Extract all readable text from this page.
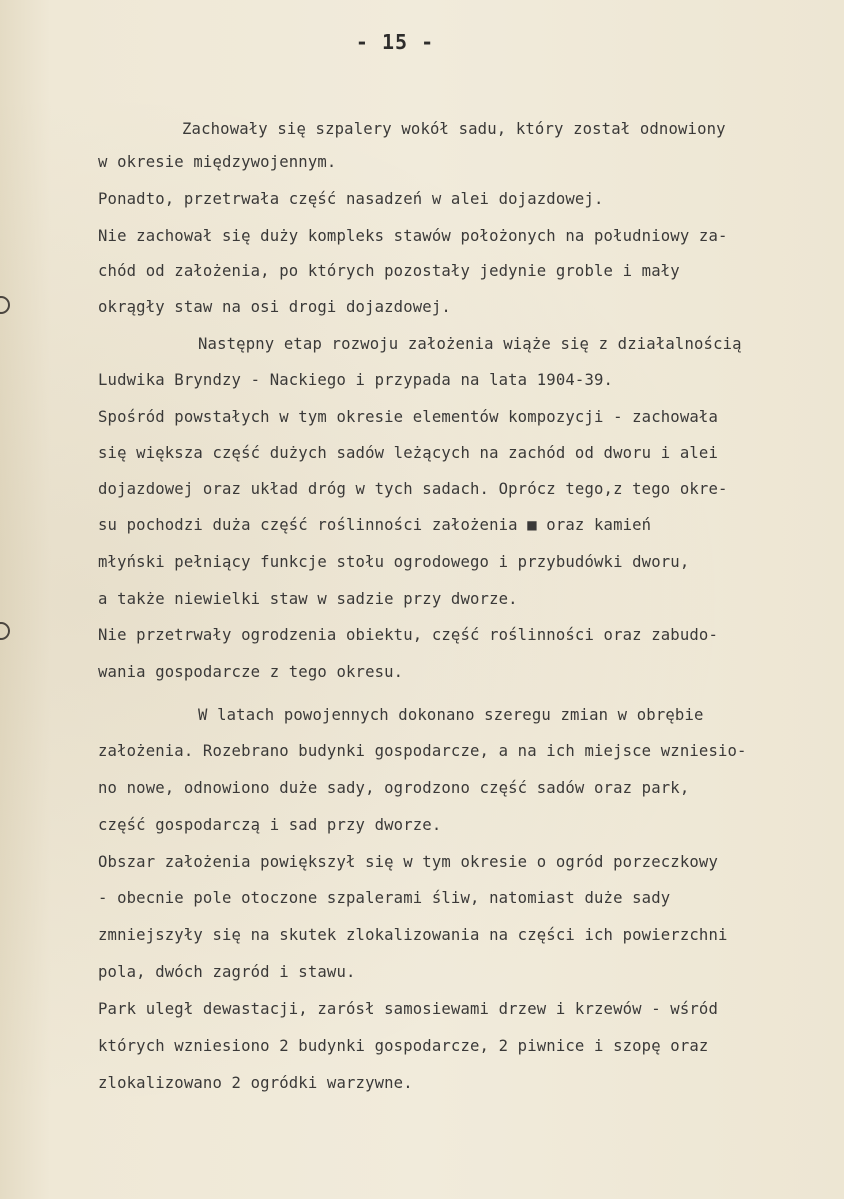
- 15 -
Zachowały się szpalery wokół sadu, który został odnowiony
w okresie międzywojennym.
Ponadto, przetrwała część nasadzeń w alei dojazdowej.
Nie zachował się duży kompleks stawów położonych na południowy za-
chód od założenia, po których pozostały jedynie groble i mały
okrągły staw na osi drogi dojazdowej.
Następny etap rozwoju założenia wiąże się z działalnością
Ludwika Bryndzy - Nackiego i przypada na lata 1904-39.
Spośród powstałych w tym okresie elementów kompozycji - zachowała
się większa część dużych sadów leżących na zachód od dworu i alei
dojazdowej oraz układ dróg w tych sadach. Oprócz tego,z tego okre-
su pochodzi duża część roślinności założenia ■ oraz kamień
młyński pełniący funkcje stołu ogrodowego i przybudówki dworu,
a także niewielki staw w sadzie przy dworze.
Nie przetrwały ogrodzenia obiektu, część roślinności oraz zabudo-
wania gospodarcze z tego okresu.
W latach powojennych dokonano szeregu zmian w obrębie
założenia. Rozebrano budynki gospodarcze, a na ich miejsce wzniesio-
no nowe, odnowiono duże sady, ogrodzono część sadów oraz park,
część gospodarczą i sad przy dworze.
Obszar założenia powiększył się w tym okresie o ogród porzeczkowy
- obecnie pole otoczone szpalerami śliw, natomiast duże sady
zmniejszyły się na skutek zlokalizowania na części ich powierzchni
pola, dwóch zagród i stawu.
Park uległ dewastacji, zarósł samosiewami drzew i krzewów - wśród
których wzniesiono 2 budynki gospodarcze, 2 piwnice i szopę oraz
zlokalizowano 2 ogródki warzywne.
